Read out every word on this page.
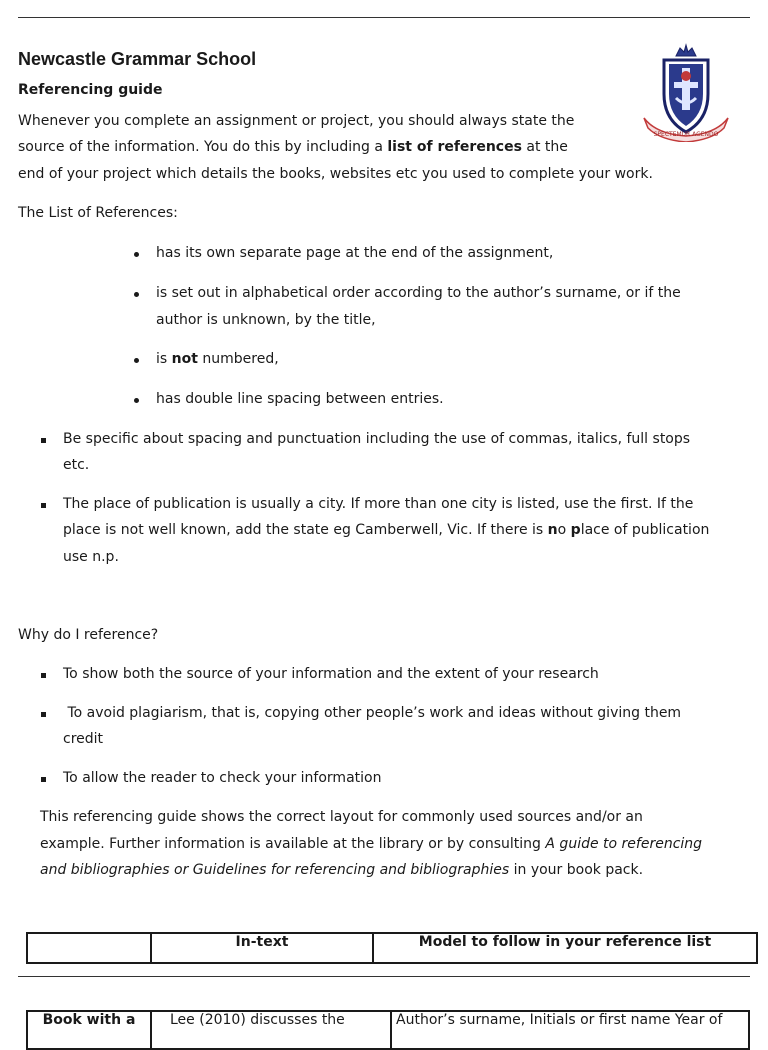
Newcastle Grammar School
Referencing guide
SPECTEMUR AGENDO
Whenever you complete an assignment or project, you should always state the
source of the information. You do this by including a list of references at the
end of your project which details the books, websites etc you used to complete your work.
The List of References:
has its own separate page at the end of the assignment,
is set out in alphabetical order according to the author’s surname, or if the
author is unknown, by the title,
is not numbered,
has double line spacing between entries.
Be specific about spacing and punctuation including the use of commas, italics, full stops
etc.
The place of publication is usually a city. If more than one city is listed, use the first. If the
place is not well known, add the state eg Camberwell, Vic. If there is no place of publication
use n.p.
Why do I reference?
To show both the source of your information and the extent of your research
To avoid plagiarism, that is, copying other people’s work and ideas without giving them
credit
To allow the reader to check your information
This referencing guide shows the correct layout for commonly used sources and/or an
example. Further information is available at the library or by consulting A guide to referencing
and bibliographies or Guidelines for referencing and bibliographies in your book pack.
	In-text	Model to follow in your reference list
Book with a	Lee (2010) discusses the	Author’s surname, Initials or first name Year of
